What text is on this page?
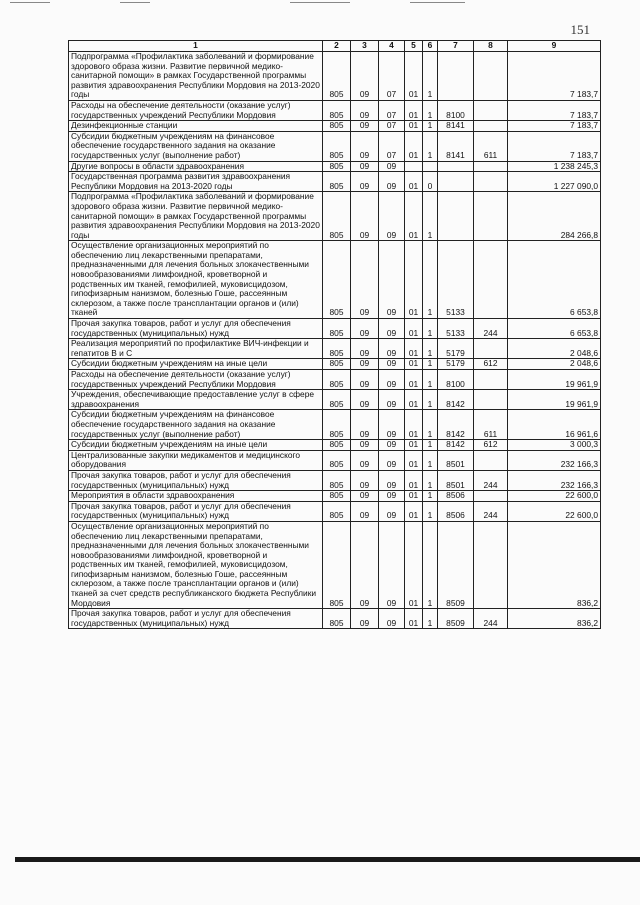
151
1	2	3	4	5	6	7	8	9
Подпрограмма «Профилактика заболеваний и формирование здорового образа жизни. Развитие первичной медико-санитарной помощи» в рамках Государственной программы развития здравоохранения Республики Мордовия на 2013-2020 годы	805	09	07	01	1			7 183,7
Расходы на обеспечение деятельности (оказание услуг) государственных учреждений Республики Мордовия	805	09	07	01	1	8100		7 183,7
Дезинфекционные станции	805	09	07	01	1	8141		7 183,7
Субсидии бюджетным учреждениям на финансовое обеспечение государственного задания на оказание государственных услуг (выполнение работ)	805	09	07	01	1	8141	611	7 183,7
Другие вопросы в области здравоохранения	805	09	09					1 238 245,3
Государственная программа развития здравоохранения Республики Мордовия на 2013-2020 годы	805	09	09	01	0			1 227 090,0
Подпрограмма «Профилактика заболеваний и формирование здорового образа жизни. Развитие первичной медико-санитарной помощи» в рамках Государственной программы развития здравоохранения Республики Мордовия на 2013-2020 годы	805	09	09	01	1			284 266,8
Осуществление организационных мероприятий по обеспечению лиц лекарственными препаратами, предназначенными для лечения больных злокачественными новообразованиями лимфоидной, кроветворной и родственных им тканей, гемофилией, муковисцидозом, гипофизарным нанизмом, болезнью Гоше, рассеянным склерозом, а также после трансплантации органов и (или) тканей	805	09	09	01	1	5133		6 653,8
Прочая закупка товаров, работ и услуг для обеспечения государственных (муниципальных) нужд	805	09	09	01	1	5133	244	6 653,8
Реализация мероприятий по профилактике ВИЧ-инфекции и гепатитов В и С	805	09	09	01	1	5179		2 048,6
Субсидии бюджетным учреждениям на иные цели	805	09	09	01	1	5179	612	2 048,6
Расходы на обеспечение деятельности (оказание услуг) государственных учреждений Республики Мордовия	805	09	09	01	1	8100		19 961,9
Учреждения, обеспечивающие предоставление услуг в сфере здравоохранения	805	09	09	01	1	8142		19 961,9
Субсидии бюджетным учреждениям на финансовое обеспечение государственного задания на оказание государственных услуг (выполнение работ)	805	09	09	01	1	8142	611	16 961,6
Субсидии бюджетным учреждениям на иные цели	805	09	09	01	1	8142	612	3 000,3
Централизованные закупки медикаментов и медицинского оборудования	805	09	09	01	1	8501		232 166,3
Прочая закупка товаров, работ и услуг для обеспечения государственных (муниципальных) нужд	805	09	09	01	1	8501	244	232 166,3
Мероприятия в области здравоохранения	805	09	09	01	1	8506		22 600,0
Прочая закупка товаров, работ и услуг для обеспечения государственных (муниципальных) нужд	805	09	09	01	1	8506	244	22 600,0
Осуществление организационных мероприятий по обеспечению лиц лекарственными препаратами, предназначенными для лечения больных злокачественными новообразованиями лимфоидной, кроветворной и родственных им тканей, гемофилией, муковисцидозом, гипофизарным нанизмом, болезнью Гоше, рассеянным склерозом, а также после трансплантации органов и (или) тканей за счет средств республиканского бюджета Республики Мордовия	805	09	09	01	1	8509		836,2
Прочая закупка товаров, работ и услуг для обеспечения государственных (муниципальных) нужд	805	09	09	01	1	8509	244	836,2
